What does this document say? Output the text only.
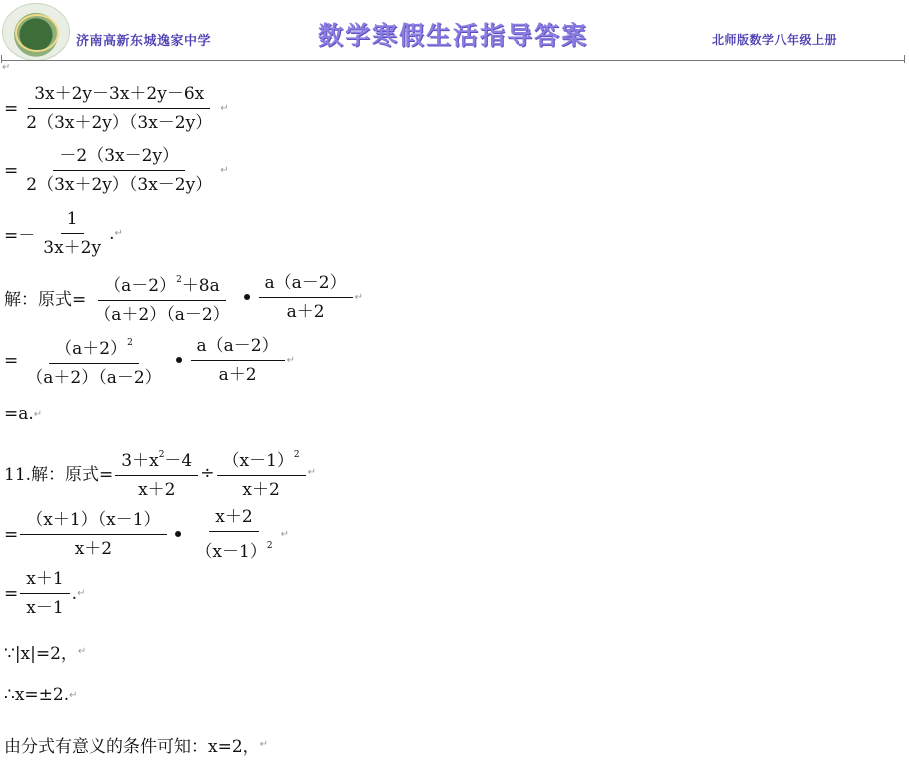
济南高新东城逸家中学	数学寒假生活指导答案	北师版数学八年级上册
↵
= $\frac{3x+2y-3x+2y-6x}{2(3x+2y)(3x-2y)}$ ↵
= $\frac{-2(3x-2y)}{2(3x+2y)(3x-2y)}$ ↵
=－ $\frac{1}{3x+2y}$ . ↵
解：原式= $\frac{(a-2)^2+8a}{(a+2)(a-2)}$ • $\frac{a(a-2)}{a+2}$ ↵
= $\frac{(a+2)^2}{(a+2)(a-2)}$ • $\frac{a(a-2)}{a+2}$ ↵
=a. ↵
11.解：原式= $\frac{3+x^2-4}{x+2} \div \frac{(x-1)^2}{x+2}$ ↵
= $\frac{(x+1)(x-1)}{x+2}$ • $\frac{x+2}{(x-1)^2}$ ↵
= $\frac{x+1}{x-1}$ . ↵
∵|x|=2， ↵
∴x=±2. ↵
由分式有意义的条件可知：x=2， ↵
